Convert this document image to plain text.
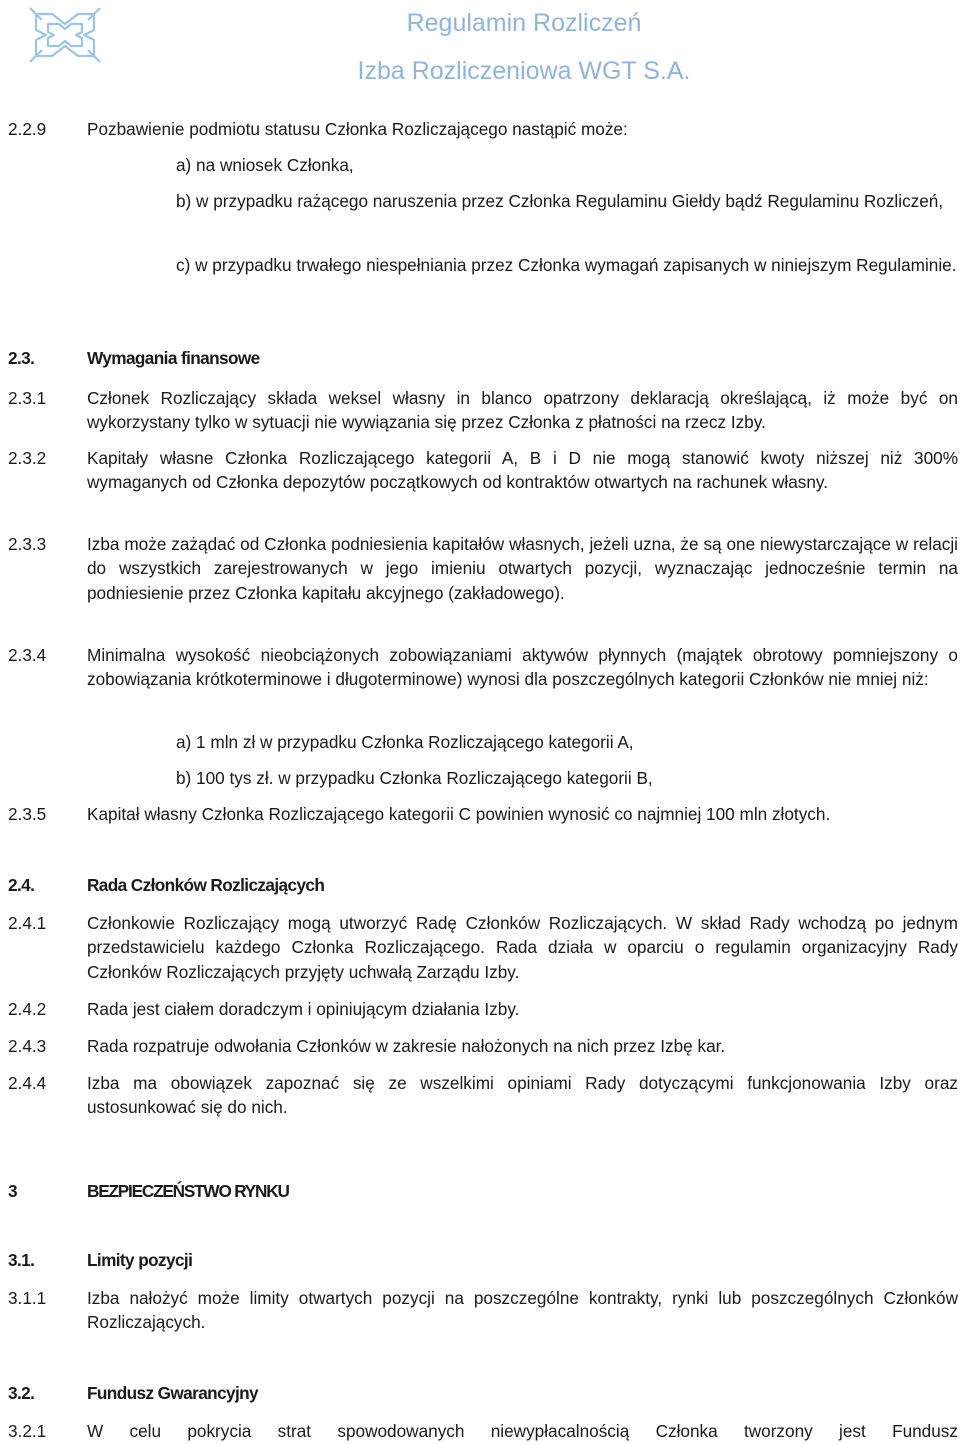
Regulamin Rozliczeń
Izba Rozliczeniowa WGT S.A.
2.2.9 Pozbawienie podmiotu statusu Członka Rozliczającego nastąpić może:
a) na wniosek Członka,
b) w przypadku rażącego naruszenia przez Członka Regulaminu Giełdy bądź Regulaminu Rozliczeń,
c) w przypadku trwałego niespełniania przez Członka wymagań zapisanych w niniejszym Regulaminie.
2.3.	Wymagania finansowe
2.3.1 Członek Rozliczający składa weksel własny in blanco opatrzony deklaracją określającą, iż może być on wykorzystany tylko w sytuacji nie wywiązania się przez Członka z płatności na rzecz Izby.
2.3.2 Kapitały własne Członka Rozliczającego kategorii A, B i D nie mogą stanowić kwoty niższej niż 300% wymaganych od Członka depozytów początkowych od kontraktów otwartych na rachunek własny.
2.3.3 Izba może zażądać od Członka podniesienia kapitałów własnych, jeżeli uzna, że są one niewystarczające w relacji do wszystkich zarejestrowanych w jego imieniu otwartych pozycji, wyznaczając jednocześnie termin na podniesienie przez Członka kapitału akcyjnego (zakładowego).
2.3.4 Minimalna wysokość nieobciążonych zobowiązaniami aktywów płynnych (majątek obrotowy pomniejszony o zobowiązania krótkoterminowe i długoterminowe) wynosi dla poszczególnych kategorii Członków nie mniej niż:
a) 1 mln zł w przypadku Członka Rozliczającego kategorii A,
b) 100 tys zł. w przypadku Członka Rozliczającego kategorii B,
2.3.5 Kapitał własny Członka Rozliczającego kategorii C powinien wynosić co najmniej 100 mln złotych.
2.4.	Rada Członków Rozliczających
2.4.1 Członkowie Rozliczający mogą utworzyć Radę Członków Rozliczających. W skład Rady wchodzą po jednym przedstawicielu każdego Członka Rozliczającego. Rada działa w oparciu o regulamin organizacyjny Rady Członków Rozliczających przyjęty uchwałą Zarządu Izby.
2.4.2 Rada jest ciałem doradczym i opiniującym działania Izby.
2.4.3 Rada rozpatruje odwołania Członków w zakresie nałożonych na nich przez Izbę kar.
2.4.4 Izba ma obowiązek zapoznać się ze wszelkimi opiniami Rady dotyczącymi funkcjonowania Izby oraz ustosunkować się do nich.
3	BEZPIECZEŃSTWO RYNKU
3.1.	Limity pozycji
3.1.1 Izba nałożyć może limity otwartych pozycji na poszczególne kontrakty, rynki lub poszczególnych Członków Rozliczających.
3.2.	Fundusz Gwarancyjny
3.2.1 W celu pokrycia strat spowodowanych niewypłacalnością Członka tworzony jest Fundusz
